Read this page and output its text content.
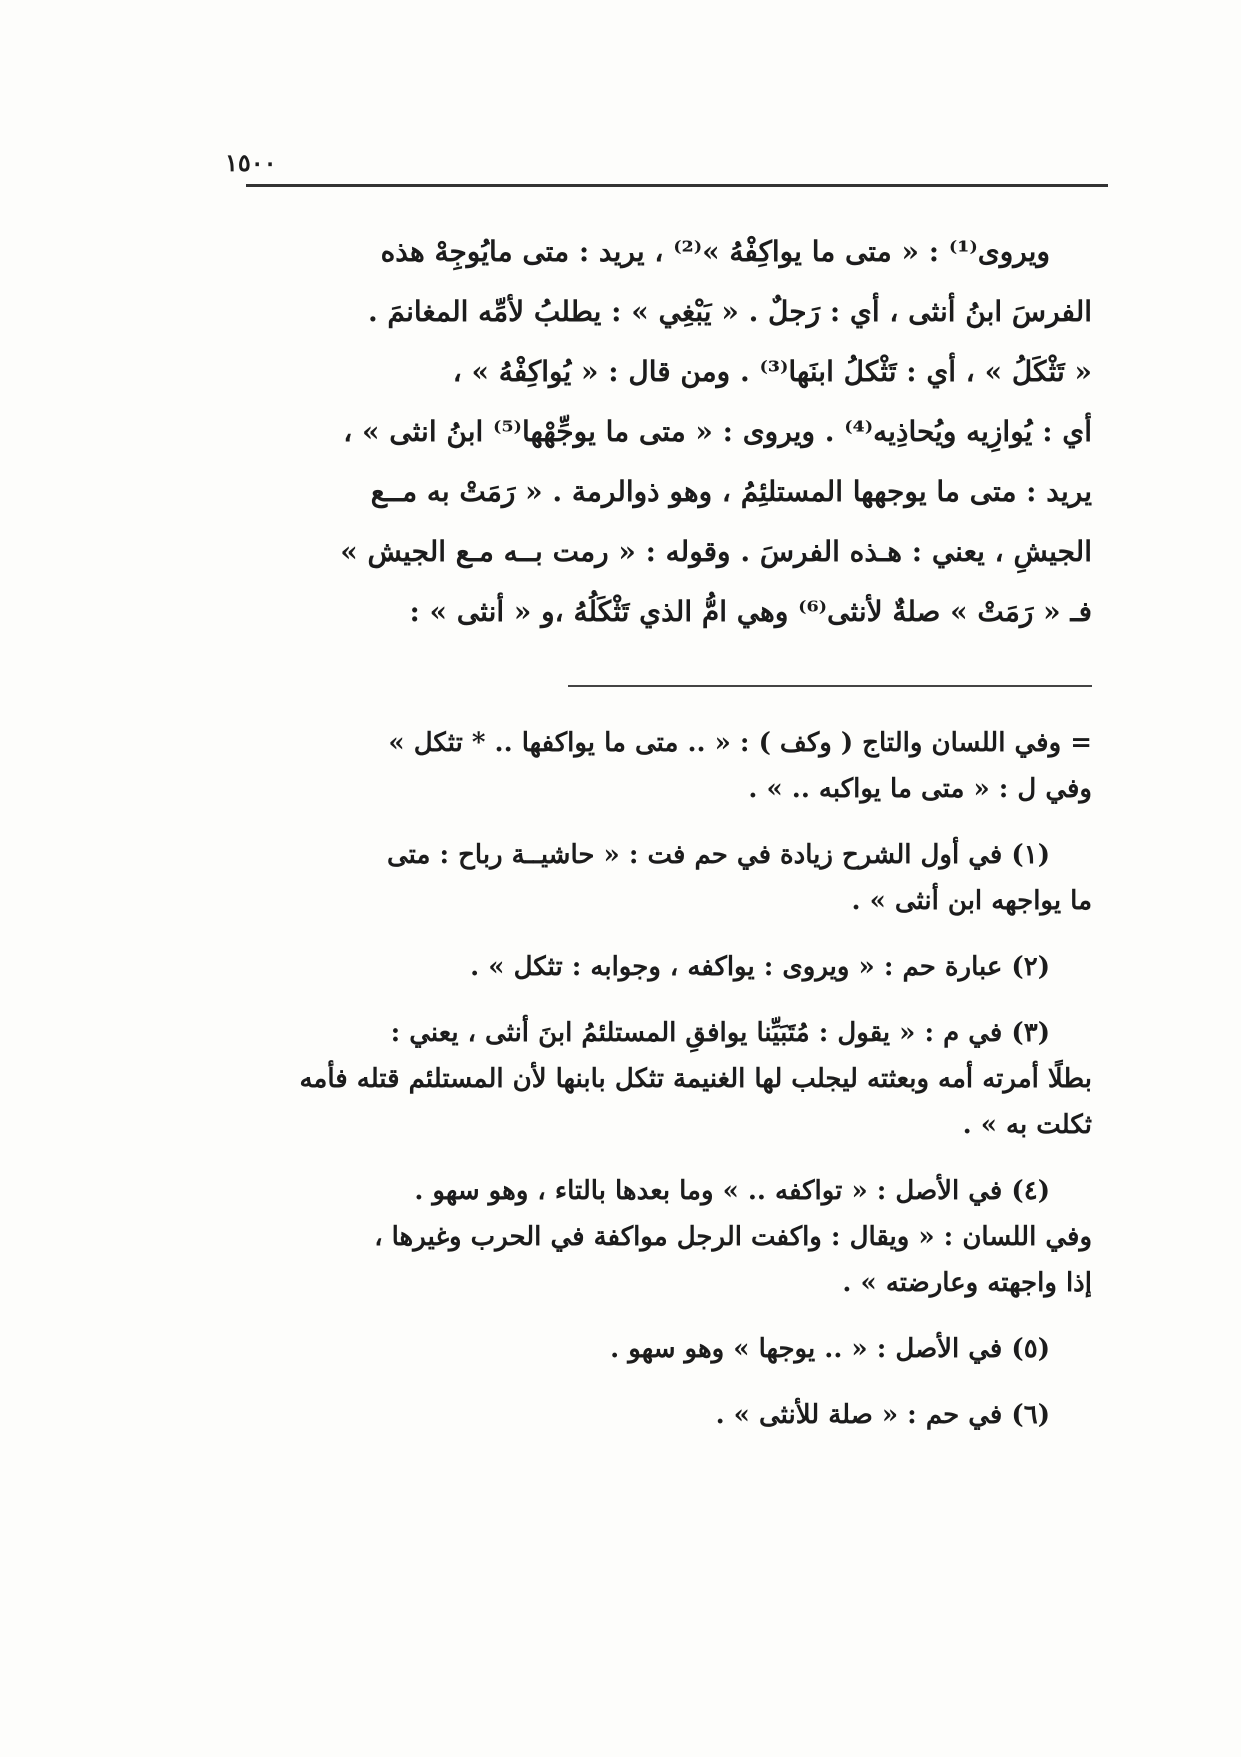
١٥٠٠
ويروى⁽¹⁾ : « متى ما يواكِفْهُ »⁽²⁾ ، يريد : متى مايُوجِهْ هذه
الفرسَ ابنُ أنثى ، أي : رَجلٌ . « يَبْغِي » : يطلبُ لأمِّه المغانمَ .
« تَثْكَلُ » ، أي : تَثْكلُ ابنَها⁽³⁾ . ومن قال : « يُواكِفْهُ » ،
أي : يُوازِيه ويُحاذِيه⁽⁴⁾ . ويروى : « متى ما يوجِّهْها⁽⁵⁾ ابنُ انثى » ،
يريد : متى ما يوجهها المستلئِمُ ، وهو ذوالرمة . « رَمَتْ به مــع
الجيشِ ، يعني : هـذه الفرسَ . وقوله : « رمت بــه مـع الجيش »
فـ « رَمَتْ » صلةٌ لأنثى⁽⁶⁾ وهي امُّ الذي تَثْكَلُهُ ،و « أنثى » :
= وفي اللسان والتاج ( وكف ) : « .. متى ما يواكفها .. * تثكل »
وفي ل : « متى ما يواكبه .. » .
(١) في أول الشرح زيادة في حم فت : « حاشيــة رباح : متى
ما يواجهه ابن أنثى » .
(٢) عبارة حم : « ويروى : يواكفه ، وجوابه : تثكل » .
(٣) في م : « يقول : مُتَبَيِّنا يوافقِ المستلئمُ ابنَ أنثى ، يعني :
بطلًا أمرته أمه وبعثته ليجلب لها الغنيمة تثكل بابنها لأن المستلئم قتله فأمه
ثكلت به » .
(٤) في الأصل : « تواكفه .. » وما بعدها بالتاء ، وهو سهو .
وفي اللسان : « ويقال : واكفت الرجل مواكفة في الحرب وغيرها ،
إذا واجهته وعارضته » .
(٥) في الأصل : « .. يوجها » وهو سهو .
(٦) في حم : « صلة للأنثى » .
